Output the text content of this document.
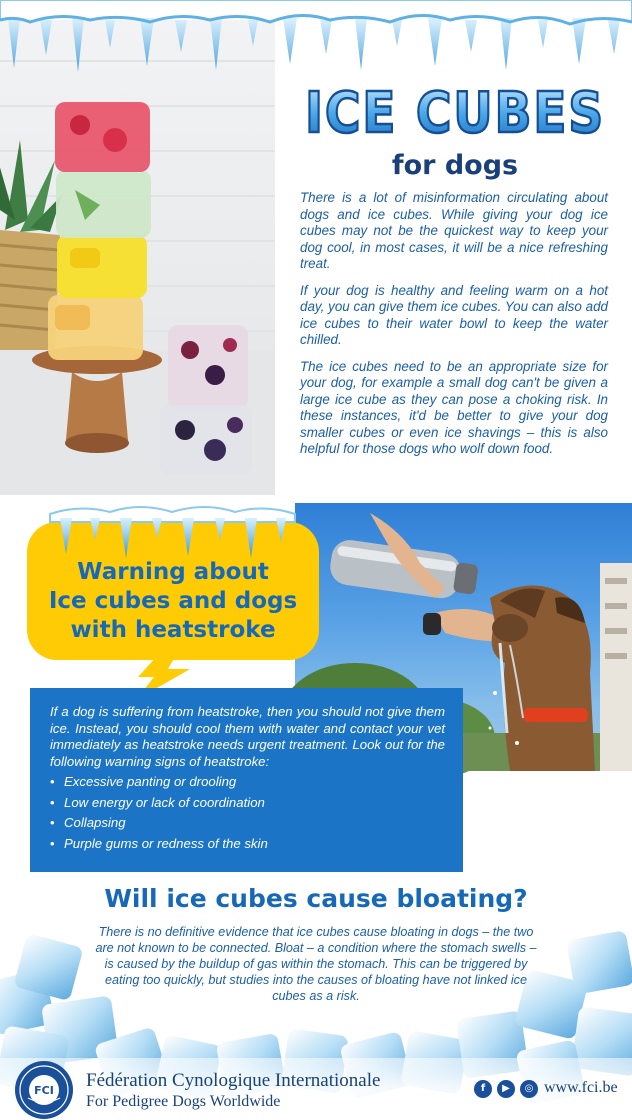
ICE CUBES
for dogs

There is a lot of misinformation circulating about dogs and ice cubes. While giving your dog ice cubes may not be the quickest way to keep your dog cool, in most cases, it will be a nice refreshing treat.

If your dog is healthy and feeling warm on a hot day, you can give them ice cubes. You can also add ice cubes to their water bowl to keep the water chilled.

The ice cubes need to be an appropriate size for your dog, for example a small dog can't be given a large ice cube as they can pose a choking risk. In these instances, it'd be better to give your dog smaller cubes or even ice shavings – this is also helpful for those dogs who wolf down food.

Warning about
Ice cubes and dogs
with heatstroke
If a dog is suffering from heatstroke, then you should not give them ice. Instead, you should cool them with water and contact your vet immediately as heatstroke needs urgent treatment. Look out for the following warning signs of heatstroke:
• Excessive panting or drooling
• Low energy or lack of coordination
• Collapsing
• Purple gums or redness of the skin
Will ice cubes cause bloating?
There is no definitive evidence that ice cubes cause bloating in dogs – the two are not known to be connected. Bloat – a condition where the stomach swells – is caused by the buildup of gas within the stomach. This can be triggered by eating too quickly, but studies into the causes of bloating have not linked ice cubes as a risk.
FCI Fédération Cynologique Internationale
For Pedigree Dogs Worldwide
f	▶	◎ www.fci.be
